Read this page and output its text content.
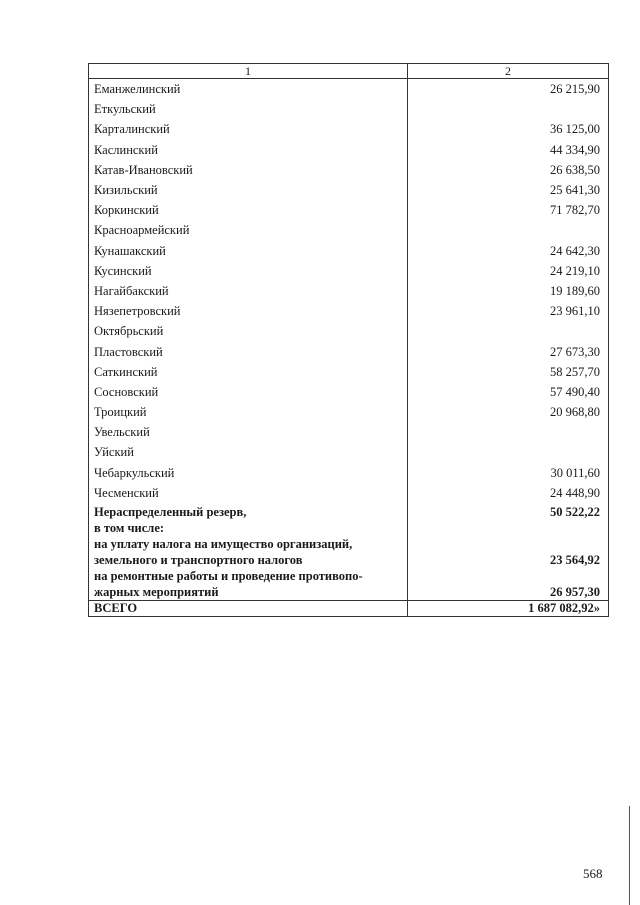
1	2
Еманжелинский	26 215,90
Еткульский	
Карталинский	36 125,00
Каслинский	44 334,90
Катав-Ивановский	26 638,50
Кизильский	25 641,30
Коркинский	71 782,70
Красноармейский	
Кунашакский	24 642,30
Кусинский	24 219,10
Нагайбакский	19 189,60
Нязепетровский	23 961,10
Октябрьский	
Пластовский	27 673,30
Саткинский	58 257,70
Сосновский	57 490,40
Троицкий	20 968,80
Увельский	
Уйский	
Чебаркульский	30 011,60
Чесменский	24 448,90

Нераспределенный резерв,
в том числе:	50 522,22

на уплату налога на имущество организаций,
земельного и транспортного налогов	23 564,92

на ремонтные работы и проведение противопо-
жарных мероприятий	26 957,30
ВСЕГО	1 687 082,92»
568
